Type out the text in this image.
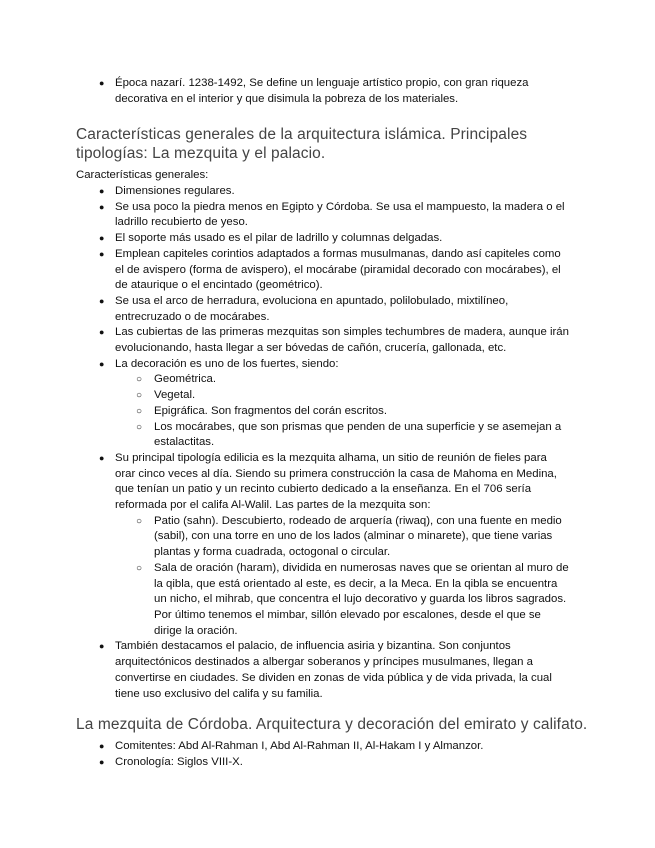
● Época nazarí. 1238-1492, Se define un lenguaje artístico propio, con gran riqueza decorativa en el interior y que disimula la pobreza de los materiales.
Características generales de la arquitectura islámica. Principales tipologías: La mezquita y el palacio.

Características generales:

● Dimensiones regulares.
● Se usa poco la piedra menos en Egipto y Córdoba. Se usa el mampuesto, la madera o el ladrillo recubierto de yeso.
● El soporte más usado es el pilar de ladrillo y columnas delgadas.
● Emplean capiteles corintios adaptados a formas musulmanas, dando así capiteles como el de avispero (forma de avispero), el mocárabe (piramidal decorado con mocárabes), el de ataurique o el encintado (geométrico).
● Se usa el arco de herradura, evoluciona en apuntado, polilobulado, mixtilíneo, entrecruzado o de mocárabes.
● Las cubiertas de las primeras mezquitas son simples techumbres de madera, aunque irán evolucionando, hasta llegar a ser bóvedas de cañón, crucería, gallonada, etc.
● La decoración es uno de los fuertes, siendo:
○ Geométrica.
○ Vegetal.
○ Epigráfica. Son fragmentos del corán escritos.
○ Los mocárabes, que son prismas que penden de una superficie y se asemejan a estalactitas.
● Su principal tipología edilicia es la mezquita alhama, un sitio de reunión de fieles para orar cinco veces al día. Siendo su primera construcción la casa de Mahoma en Medina, que tenían un patio y un recinto cubierto dedicado a la enseñanza. En el 706 sería reformada por el califa Al-Walil. Las partes de la mezquita son:
○ Patio (sahn). Descubierto, rodeado de arquería (riwaq), con una fuente en medio (sabil), con una torre en uno de los lados (alminar o minarete), que tiene varias plantas y forma cuadrada, octogonal o circular.
○ Sala de oración (haram), dividida en numerosas naves que se orientan al muro de la qibla, que está orientado al este, es decir, a la Meca. En la qibla se encuentra un nicho, el mihrab, que concentra el lujo decorativo y guarda los libros sagrados. Por último tenemos el mimbar, sillón elevado por escalones, desde el que se dirige la oración.
● También destacamos el palacio, de influencia asiria y bizantina. Son conjuntos arquitectónicos destinados a albergar soberanos y príncipes musulmanes, llegan a convertirse en ciudades. Se dividen en zonas de vida pública y de vida privada, la cual tiene uso exclusivo del califa y su familia.
La mezquita de Córdoba. Arquitectura y decoración del emirato y califato.
● Comitentes: Abd Al-Rahman I, Abd Al-Rahman II, Al-Hakam I y Almanzor.
● Cronología: Siglos VIII-X.
